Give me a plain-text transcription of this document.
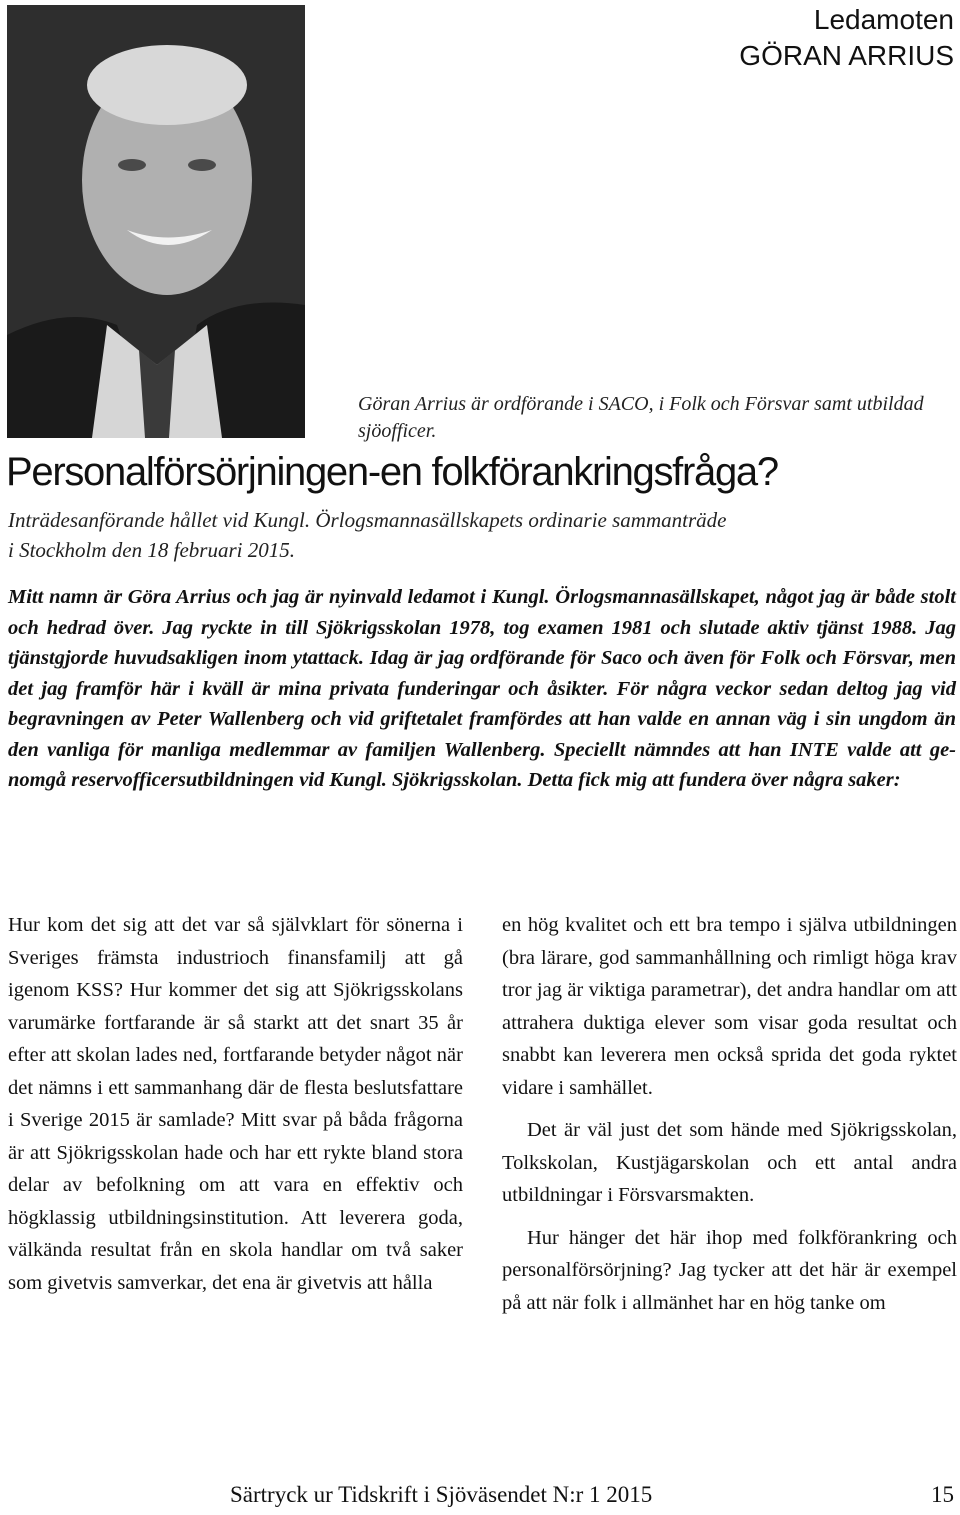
Ledamoten
GÖRAN ARRIUS
Göran Arrius är ordförande i SACO, i Folk och Försvar samt utbildad sjöofficer.
Personalförsörjningen-en folkförankringsfråga?
Inträdesanförande hållet vid Kungl. Örlogsmannasällskapets ordinarie sammanträde
i Stockholm den 18 februari 2015.
Mitt namn är Göra Arrius och jag är nyinvald ledamot i Kungl. Örlogsmannasällskapet, något jag är både stolt och hedrad över. Jag ryckte in till Sjökrigsskolan 1978, tog examen 1981 och slutade aktiv tjänst 1988. Jag tjänstgjorde huvudsakligen inom ytattack. Idag är jag ordförande för Saco och även för Folk och Försvar, men det jag framför här i kväll är mina privata funderingar och åsikter. För några veckor sedan deltog jag vid begravningen av Peter Wallenberg och vid griftetalet framfördes att han valde en annan väg i sin ungdom än den vanliga för manliga medlemmar av familjen Wallenberg. Speciellt nämndes att han INTE valde att genomgå reservofficersutbildningen vid Kungl. Sjökrigsskolan. Detta fick mig att fundera över några saker:

Hur kom det sig att det var så självklart för sönerna i Sveriges främsta industrioch finansfamilj att gå igenom KSS? Hur kommer det sig att Sjökrigsskolans varumärke fortfarande är så starkt att det snart 35 år efter att skolan lades ned, fortfarande betyder något när det nämns i ett sammanhang där de flesta beslutsfattare i Sverige 2015 är samlade? Mitt svar på båda frågorna är att Sjökrigsskolan hade och har ett rykte bland stora delar av befolkning om att vara en effektiv och högklassig utbildningsinstitution. Att leverera goda, välkända resultat från en skola handlar om två saker som givetvis samverkar, det ena är givetvis att hålla

en hög kvalitet och ett bra tempo i själva utbildningen (bra lärare, god sammanhållning och rimligt höga krav tror jag är viktiga parametrar), det andra handlar om att attrahera duktiga elever som visar goda resultat och snabbt kan leverera men också sprida det goda ryktet vidare i samhället.

Det är väl just det som hände med Sjökrigsskolan, Tolkskolan, Kustjägarskolan och ett antal andra utbildningar i Försvarsmakten.

Hur hänger det här ihop med folkförankring och personalförsörjning? Jag tycker att det här är exempel på att när folk i allmänhet har en hög tanke om

Särtryck ur Tidskrift i Sjöväsendet N:r 1 2015	15
